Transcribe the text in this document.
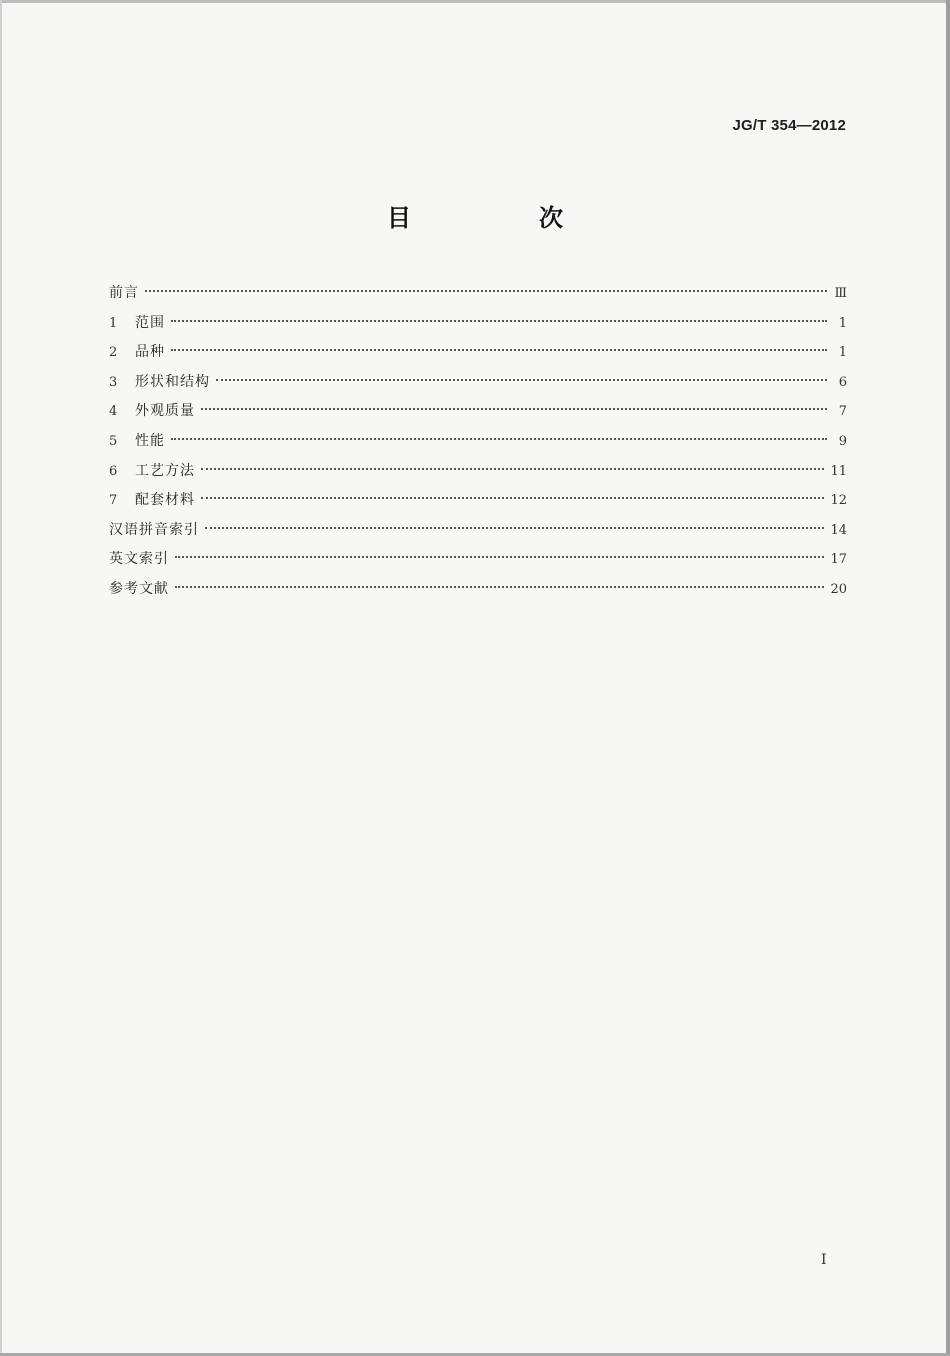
JG/T 354—2012
目　次
前言	Ⅲ
1	范围	1
2	品种	1
3	形状和结构	6
4	外观质量	7
5	性能	9
6	工艺方法	11
7	配套材料	12
汉语拼音索引	14
英文索引	17
参考文献	20
Ⅰ
